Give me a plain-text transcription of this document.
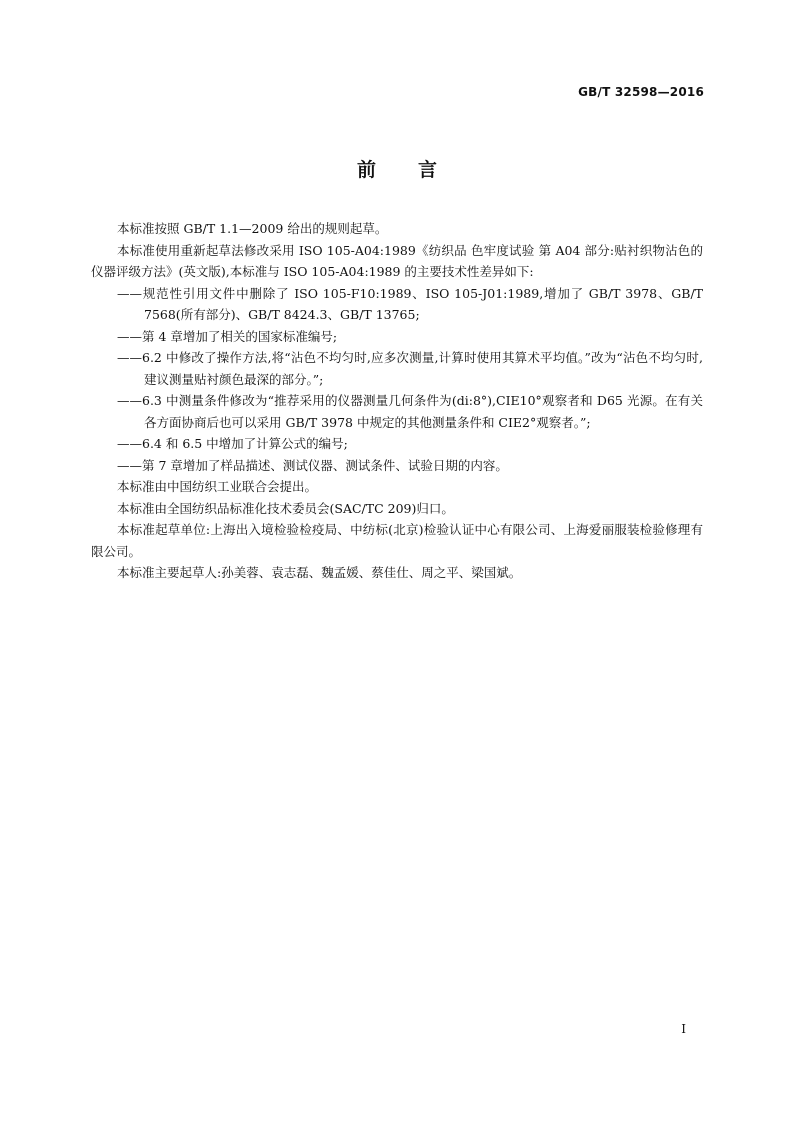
GB/T 32598—2016
前言

本标准按照 GB/T 1.1—2009 给出的规则起草。

本标准使用重新起草法修改采用 ISO 105-A04:1989《纺织品 色牢度试验 第 A04 部分:贴衬织物沾色的仪器评级方法》(英文版),本标准与 ISO 105-A04:1989 的主要技术性差异如下:

——规范性引用文件中删除了 ISO 105-F10:1989、ISO 105-J01:1989,增加了 GB/T 3978、GB/T 7568(所有部分)、GB/T 8424.3、GB/T 13765;

——第 4 章增加了相关的国家标准编号;

——6.2 中修改了操作方法,将“沾色不均匀时,应多次测量,计算时使用其算术平均值。”改为“沾色不均匀时,建议测量贴衬颜色最深的部分。”;

——6.3 中测量条件修改为“推荐采用的仪器测量几何条件为(di:8°),CIE10°观察者和 D65 光源。在有关各方面协商后也可以采用 GB/T 3978 中规定的其他测量条件和 CIE2°观察者。”;

——6.4 和 6.5 中增加了计算公式的编号;

——第 7 章增加了样品描述、测试仪器、测试条件、试验日期的内容。

本标准由中国纺织工业联合会提出。

本标准由全国纺织品标准化技术委员会(SAC/TC 209)归口。

本标准起草单位:上海出入境检验检疫局、中纺标(北京)检验认证中心有限公司、上海爱丽服装检验修理有限公司。

本标准主要起草人:孙美蓉、袁志磊、魏孟媛、蔡佳仕、周之平、梁国斌。

I
